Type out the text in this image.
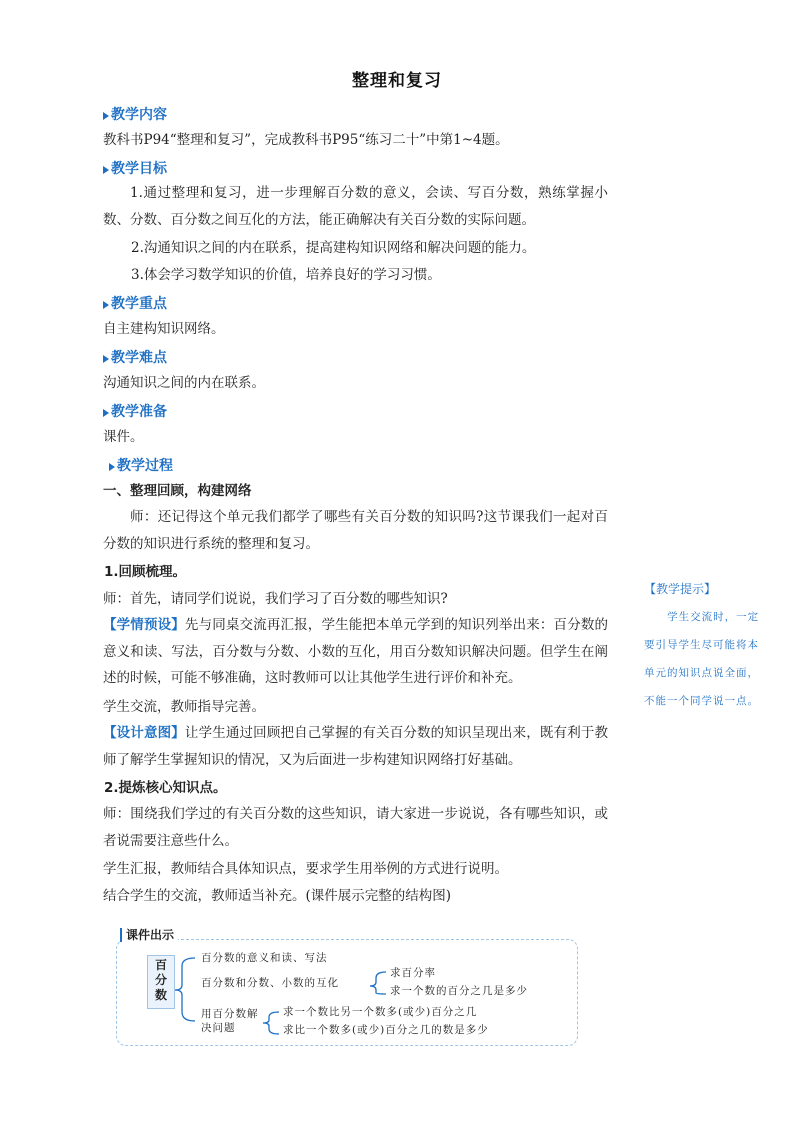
整理和复习
教学内容
教科书P94“整理和复习”，完成教科书P95“练习二十”中第1~4题。
教学目标
1.通过整理和复习，进一步理解百分数的意义，会读、写百分数，熟练掌握小数、分数、百分数之间互化的方法，能正确解决有关百分数的实际问题。
2.沟通知识之间的内在联系，提高建构知识网络和解决问题的能力。
3.体会学习数学知识的价值，培养良好的学习习惯。
教学重点
自主建构知识网络。
教学难点
沟通知识之间的内在联系。
教学准备
课件。
教学过程
一、整理回顾，构建网络
师：还记得这个单元我们都学了哪些有关百分数的知识吗?这节课我们一起对百分数的知识进行系统的整理和复习。
1.回顾梳理。
师：首先，请同学们说说，我们学习了百分数的哪些知识?
【学情预设】先与同桌交流再汇报，学生能把本单元学到的知识列举出来：百分数的意义和读、写法，百分数与分数、小数的互化，用百分数知识解决问题。但学生在阐述的时候，可能不够准确，这时教师可以让其他学生进行评价和补充。
学生交流，教师指导完善。
【设计意图】让学生通过回顾把自己掌握的有关百分数的知识呈现出来，既有利于教师了解学生掌握知识的情况，又为后面进一步构建知识网络打好基础。
2.提炼核心知识点。
师：围绕我们学过的有关百分数的这些知识，请大家进一步说说，各有哪些知识，或者说需要注意些什么。
学生汇报，教师结合具体知识点，要求学生用举例的方式进行说明。
结合学生的交流，教师适当补充。(课件展示完整的结构图)
【教学提示】
学生交流时，一定要引导学生尽可能将本单元的知识点说全面，不能一个同学说一点。
课件出示
百分数
百分数的意义和读、写法
百分数和分数、小数的互化
求百分率
求一个数的百分之几是多少
用百分数解决问题
求一个数比另一个数多(或少)百分之几
求比一个数多(或少)百分之几的数是多少
